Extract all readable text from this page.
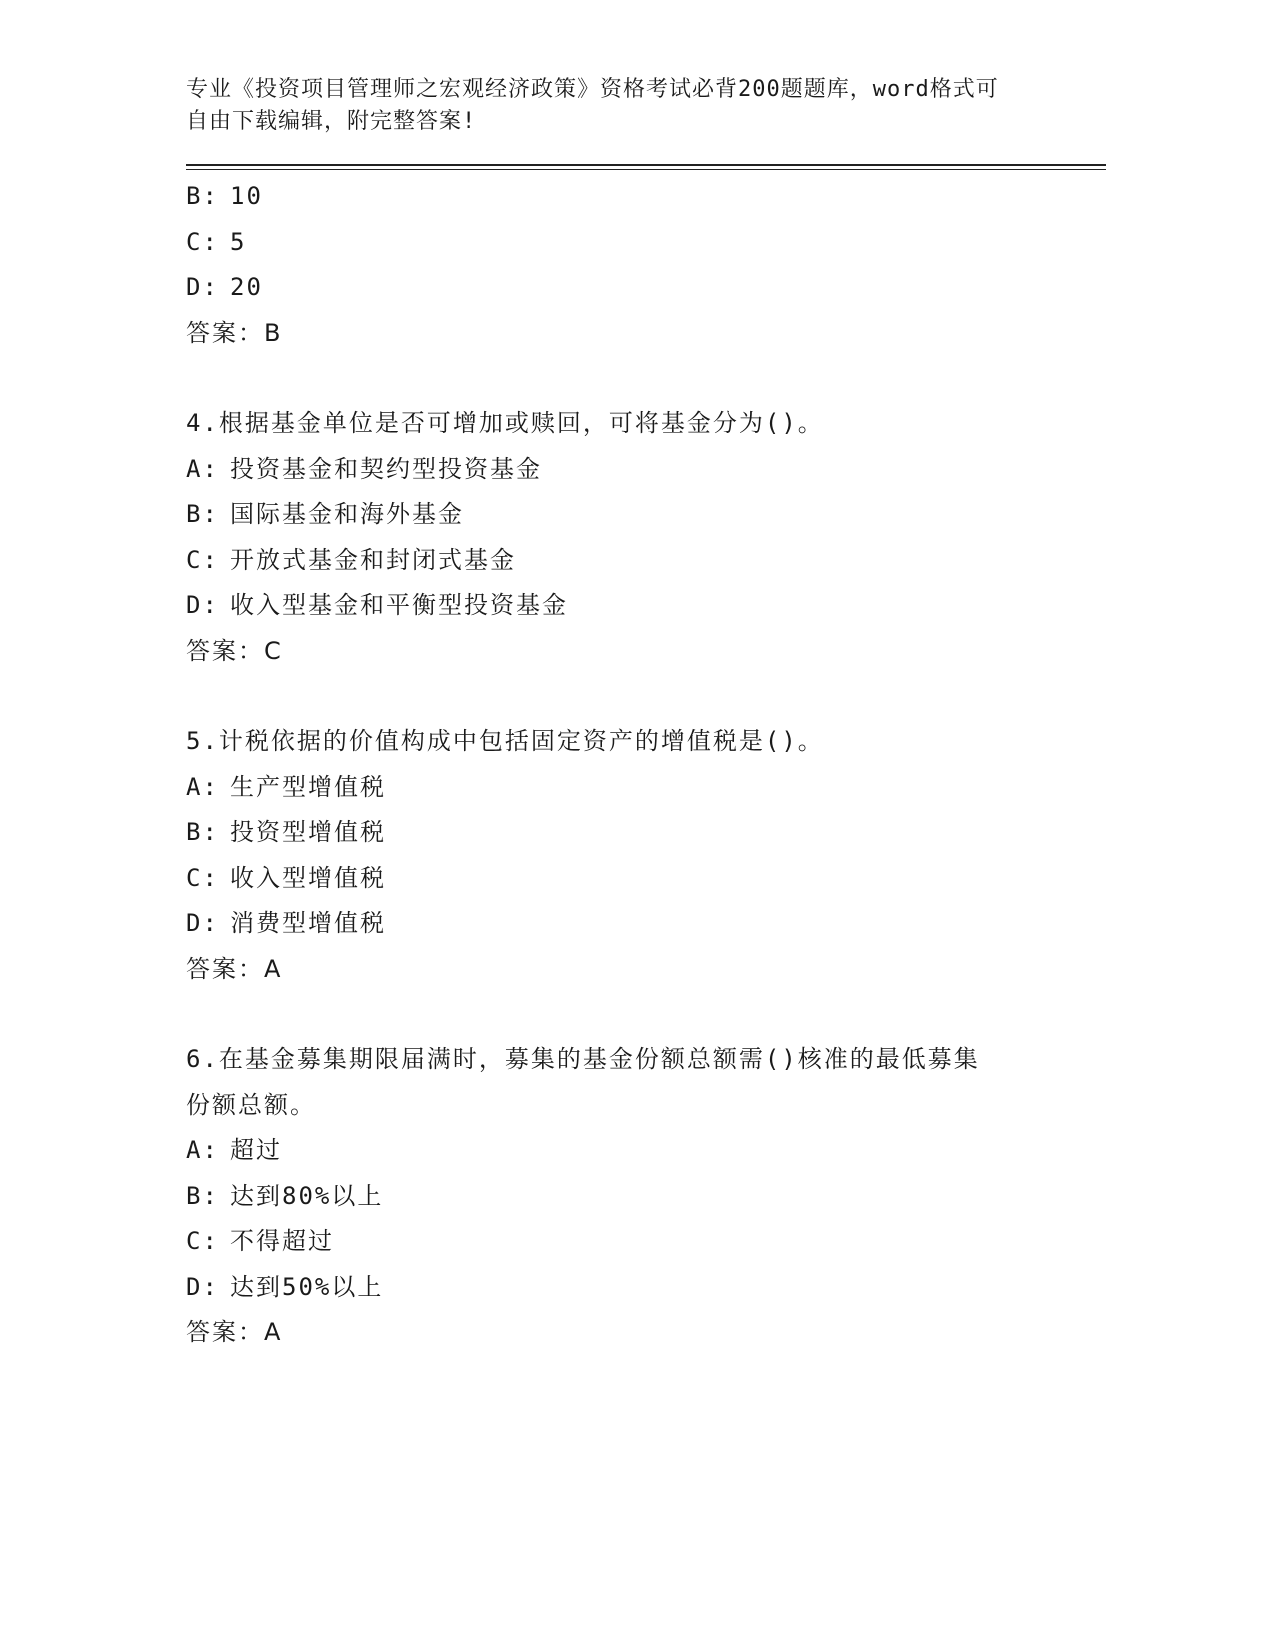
专业《投资项目管理师之宏观经济政策》资格考试必背200题题库，word格式可
自由下载编辑，附完整答案!
B: 10
C: 5
D: 20
答案：B
4.根据基金单位是否可增加或赎回，可将基金分为()。
A: 投资基金和契约型投资基金
B: 国际基金和海外基金
C: 开放式基金和封闭式基金
D: 收入型基金和平衡型投资基金
答案：C
5.计税依据的价值构成中包括固定资产的增值税是()。
A: 生产型增值税
B: 投资型增值税
C: 收入型增值税
D: 消费型增值税
答案：A
6.在基金募集期限届满时，募集的基金份额总额需()核准的最低募集
份额总额。
A: 超过
B: 达到80%以上
C: 不得超过
D: 达到50%以上
答案：A
